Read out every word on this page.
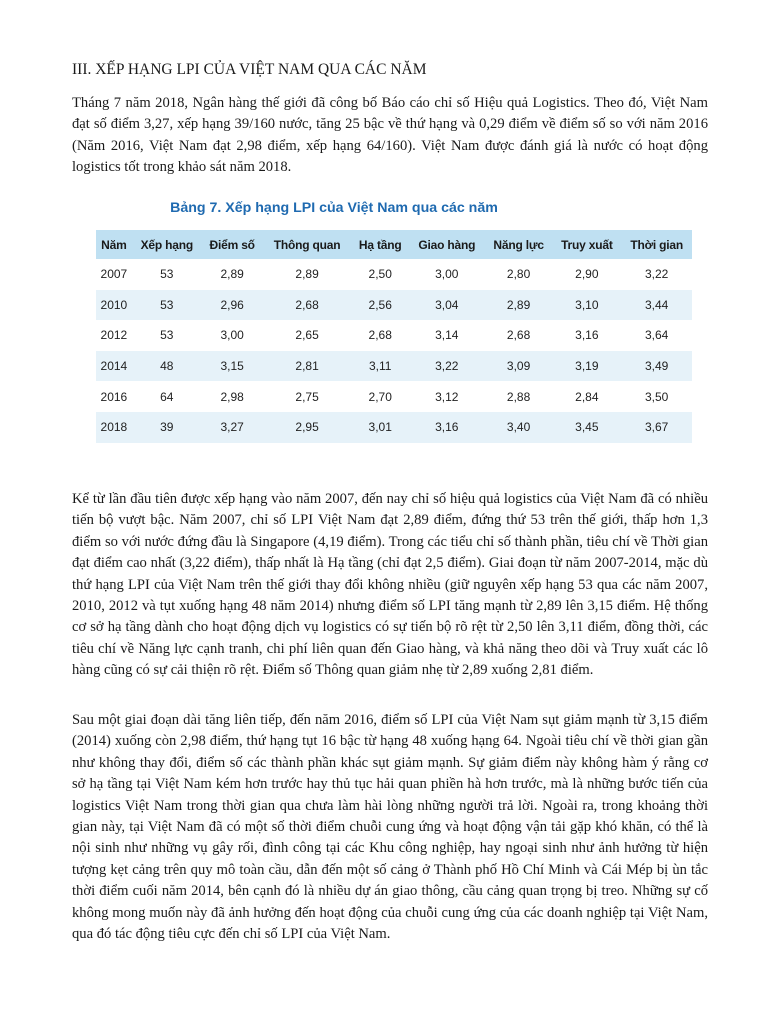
III. XẾP HẠNG LPI CỦA VIỆT NAM QUA CÁC NĂM

Tháng 7 năm 2018, Ngân hàng thế giới đã công bố Báo cáo chỉ số Hiệu quả Logistics. Theo đó, Việt Nam đạt số điểm 3,27, xếp hạng 39/160 nước, tăng 25 bậc về thứ hạng và 0,29 điểm về điểm số so với năm 2016 (Năm 2016, Việt Nam đạt 2,98 điểm, xếp hạng 64/160). Việt Nam được đánh giá là nước có hoạt động logistics tốt trong khảo sát năm 2018.

Bảng 7. Xếp hạng LPI của Việt Nam qua các năm
Năm	Xếp hạng	Điểm số	Thông quan	Hạ tầng	Giao hàng	Năng lực	Truy xuất	Thời gian
2007	53	2,89	2,89	2,50	3,00	2,80	2,90	3,22
2010	53	2,96	2,68	2,56	3,04	2,89	3,10	3,44
2012	53	3,00	2,65	2,68	3,14	2,68	3,16	3,64
2014	48	3,15	2,81	3,11	3,22	3,09	3,19	3,49
2016	64	2,98	2,75	2,70	3,12	2,88	2,84	3,50
2018	39	3,27	2,95	3,01	3,16	3,40	3,45	3,67

Kể từ lần đầu tiên được xếp hạng vào năm 2007, đến nay chỉ số hiệu quả logistics của Việt Nam đã có nhiều tiến bộ vượt bậc. Năm 2007, chỉ số LPI Việt Nam đạt 2,89 điểm, đứng thứ 53 trên thế giới, thấp hơn 1,3 điểm so với nước đứng đầu là Singapore (4,19 điểm). Trong các tiểu chỉ số thành phần, tiêu chí về Thời gian đạt điểm cao nhất (3,22 điểm), thấp nhất là Hạ tầng (chỉ đạt 2,5 điểm). Giai đoạn từ năm 2007-2014, mặc dù thứ hạng LPI của Việt Nam trên thế giới thay đổi không nhiều (giữ nguyên xếp hạng 53 qua các năm 2007, 2010, 2012 và tụt xuống hạng 48 năm 2014) nhưng điểm số LPI tăng mạnh từ 2,89 lên 3,15 điểm. Hệ thống cơ sở hạ tầng dành cho hoạt động dịch vụ logistics có sự tiến bộ rõ rệt từ 2,50 lên 3,11 điểm, đồng thời, các tiêu chí về Năng lực cạnh tranh, chi phí liên quan đến Giao hàng, và khả năng theo dõi và Truy xuất các lô hàng cũng có sự cải thiện rõ rệt. Điểm số Thông quan giảm nhẹ từ 2,89 xuống 2,81 điểm.

Sau một giai đoạn dài tăng liên tiếp, đến năm 2016, điểm số LPI của Việt Nam sụt giảm mạnh từ 3,15 điểm (2014) xuống còn 2,98 điểm, thứ hạng tụt 16 bậc từ hạng 48 xuống hạng 64. Ngoài tiêu chí về thời gian gần như không thay đổi, điểm số các thành phần khác sụt giảm mạnh. Sự giảm điểm này không hàm ý rằng cơ sở hạ tầng tại Việt Nam kém hơn trước hay thủ tục hải quan phiền hà hơn trước, mà là những bước tiến của logistics Việt Nam trong thời gian qua chưa làm hài lòng những người trả lời. Ngoài ra, trong khoảng thời gian này, tại Việt Nam đã có một số thời điểm chuỗi cung ứng và hoạt động vận tải gặp khó khăn, có thể là nội sinh như những vụ gây rối, đình công tại các Khu công nghiệp, hay ngoại sinh như ảnh hưởng từ hiện tượng kẹt cảng trên quy mô toàn cầu, dẫn đến một số cảng ở Thành phố Hồ Chí Minh và Cái Mép bị ùn tắc thời điểm cuối năm 2014, bên cạnh đó là nhiều dự án giao thông, cầu cảng quan trọng bị treo. Những sự cố không mong muốn này đã ảnh hưởng đến hoạt động của chuỗi cung ứng của các doanh nghiệp tại Việt Nam, qua đó tác động tiêu cực đến chỉ số LPI của Việt Nam.
